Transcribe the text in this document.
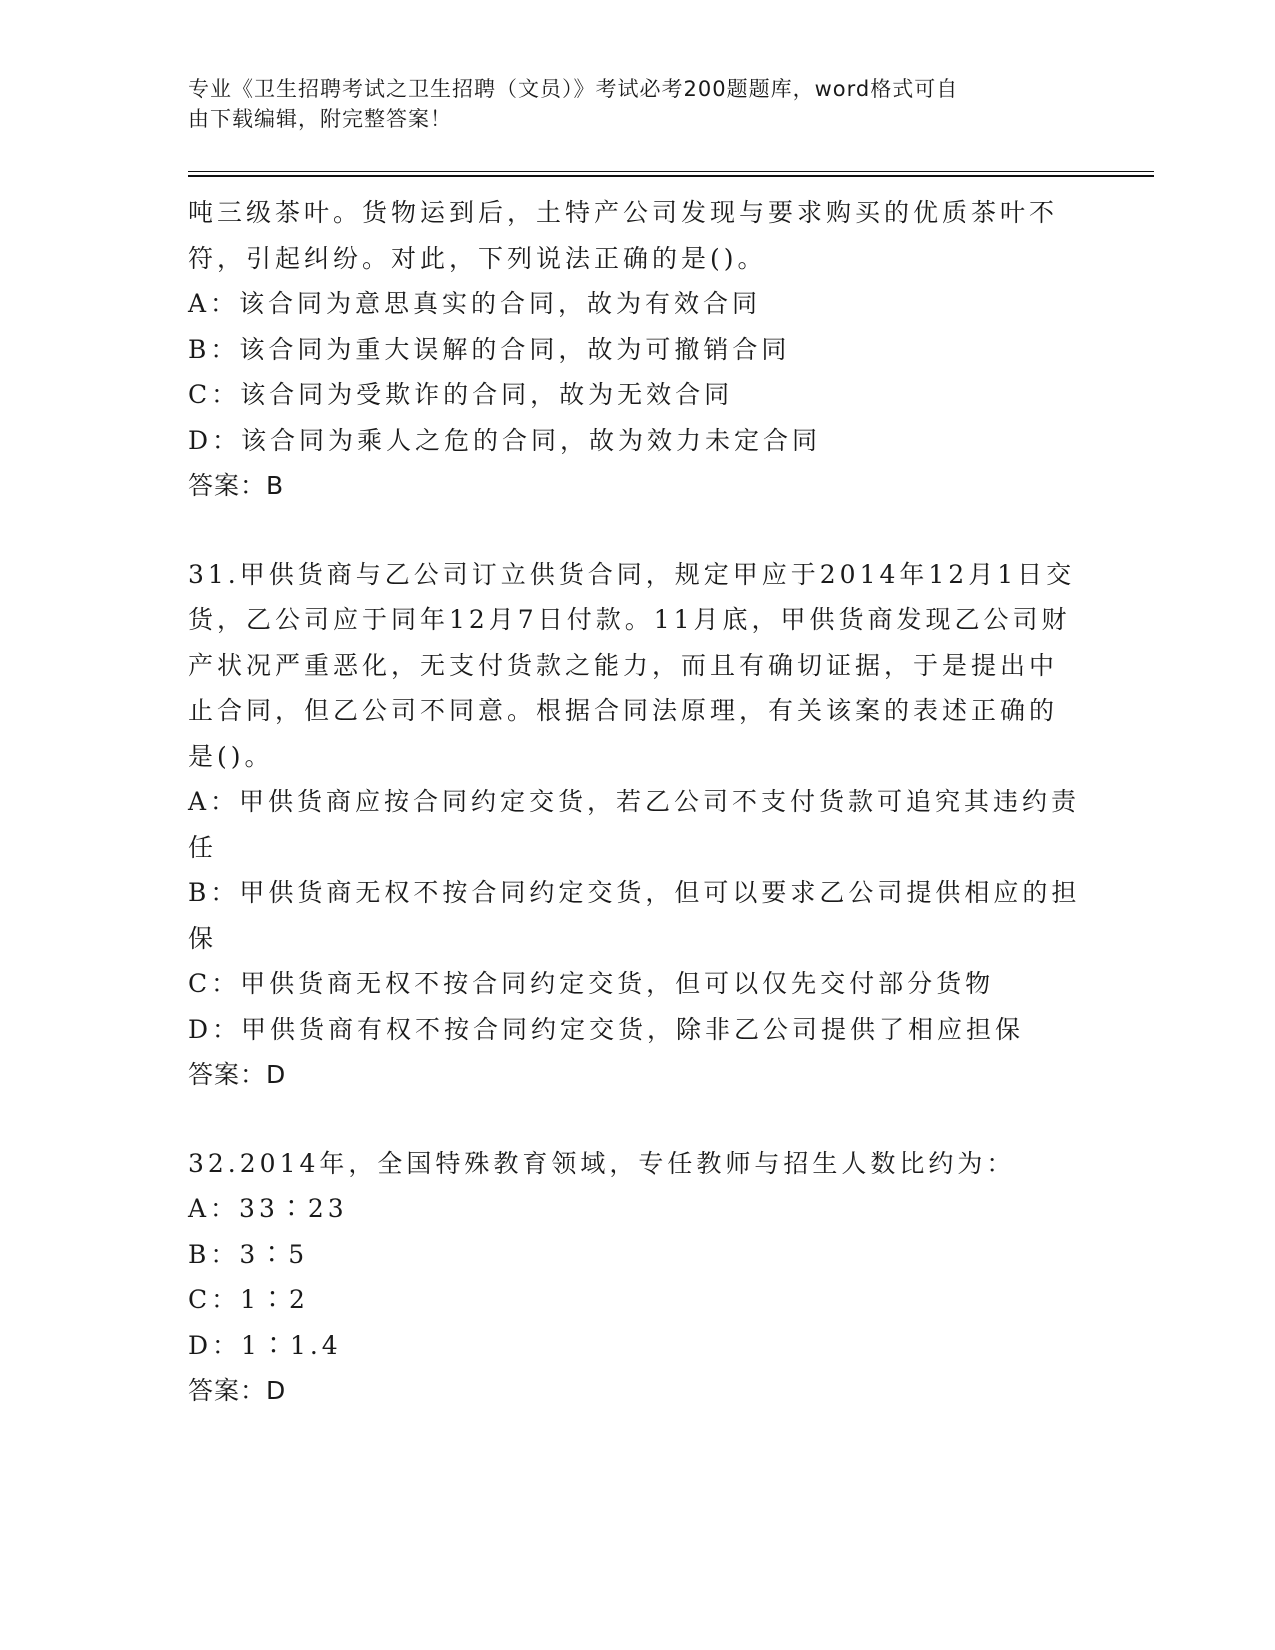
专业《卫生招聘考试之卫生招聘（文员）》考试必考200题题库，word格式可自
由下载编辑，附完整答案！
吨三级茶叶。货物运到后，土特产公司发现与要求购买的优质茶叶不
符，引起纠纷。对此，下列说法正确的是()。
A：该合同为意思真实的合同，故为有效合同
B：该合同为重大误解的合同，故为可撤销合同
C：该合同为受欺诈的合同，故为无效合同
D：该合同为乘人之危的合同，故为效力未定合同
答案：B
31.甲供货商与乙公司订立供货合同，规定甲应于2014年12月1日交
货，乙公司应于同年12月7日付款。11月底，甲供货商发现乙公司财
产状况严重恶化，无支付货款之能力，而且有确切证据，于是提出中
止合同，但乙公司不同意。根据合同法原理，有关该案的表述正确的
是()。
A：甲供货商应按合同约定交货，若乙公司不支付货款可追究其违约责
任
B：甲供货商无权不按合同约定交货，但可以要求乙公司提供相应的担
保
C：甲供货商无权不按合同约定交货，但可以仅先交付部分货物
D：甲供货商有权不按合同约定交货，除非乙公司提供了相应担保
答案：D
32.2014年，全国特殊教育领域，专任教师与招生人数比约为：
A：33∶23
B：3∶5
C：1∶2
D：1∶1.4
答案：D
